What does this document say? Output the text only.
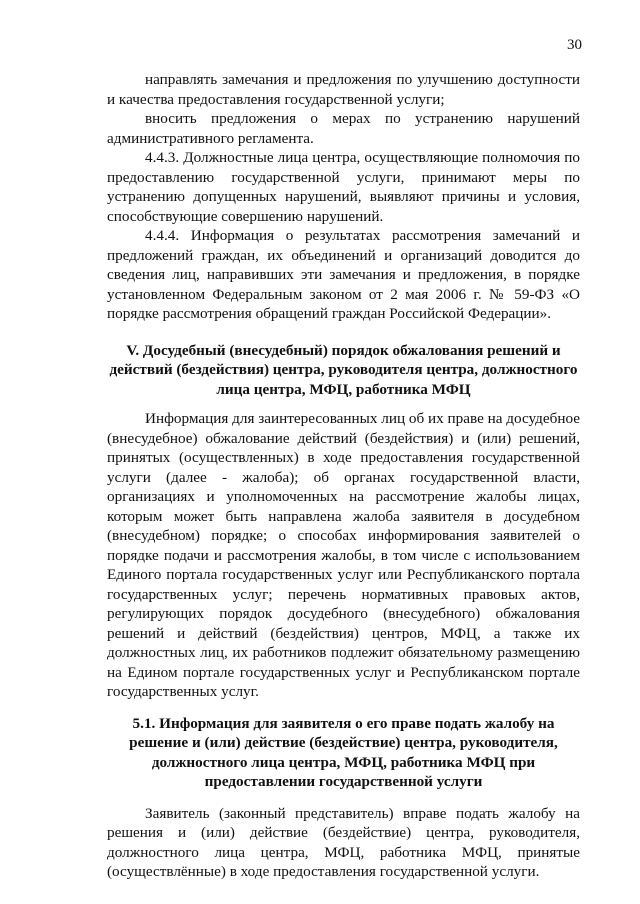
30

направлять замечания и предложения по улучшению доступности и качества предоставления государственной услуги;

вносить предложения о мерах по устранению нарушений административного регламента.

4.4.3. Должностные лица центра, осуществляющие полномочия по предоставлению государственной услуги, принимают меры по устранению допущенных нарушений, выявляют причины и условия, способствующие совершению нарушений.

4.4.4. Информация о результатах рассмотрения замечаний и предложений граждан, их объединений и организаций доводится до сведения лиц, направивших эти замечания и предложения, в порядке установленном Федеральным законом от 2 мая 2006 г. № 59-ФЗ «О порядке рассмотрения обращений граждан Российской Федерации».

V. Досудебный (внесудебный) порядок обжалования решений и действий (бездействия) центра, руководителя центра, должностного лица центра, МФЦ, работника МФЦ

Информация для заинтересованных лиц об их праве на досудебное (внесудебное) обжалование действий (бездействия) и (или) решений, принятых (осуществленных) в ходе предоставления государственной услуги (далее - жалоба); об органах государственной власти, организациях и уполномоченных на рассмотрение жалобы лицах, которым может быть направлена жалоба заявителя в досудебном (внесудебном) порядке; о способах информирования заявителей о порядке подачи и рассмотрения жалобы, в том числе с использованием Единого портала государственных услуг или Республиканского портала государственных услуг; перечень нормативных правовых актов, регулирующих порядок досудебного (внесудебного) обжалования решений и действий (бездействия) центров, МФЦ, а также их должностных лиц, их работников подлежит обязательному размещению на Едином портале государственных услуг и Республиканском портале государственных услуг.

5.1. Информация для заявителя о его праве подать жалобу на решение и (или) действие (бездействие) центра, руководителя, должностного лица центра, МФЦ, работника МФЦ при предоставлении государственной услуги

Заявитель (законный представитель) вправе подать жалобу на решения и (или) действие (бездействие) центра, руководителя, должностного лица центра, МФЦ, работника МФЦ, принятые (осуществлённые) в ходе предоставления государственной услуги.
